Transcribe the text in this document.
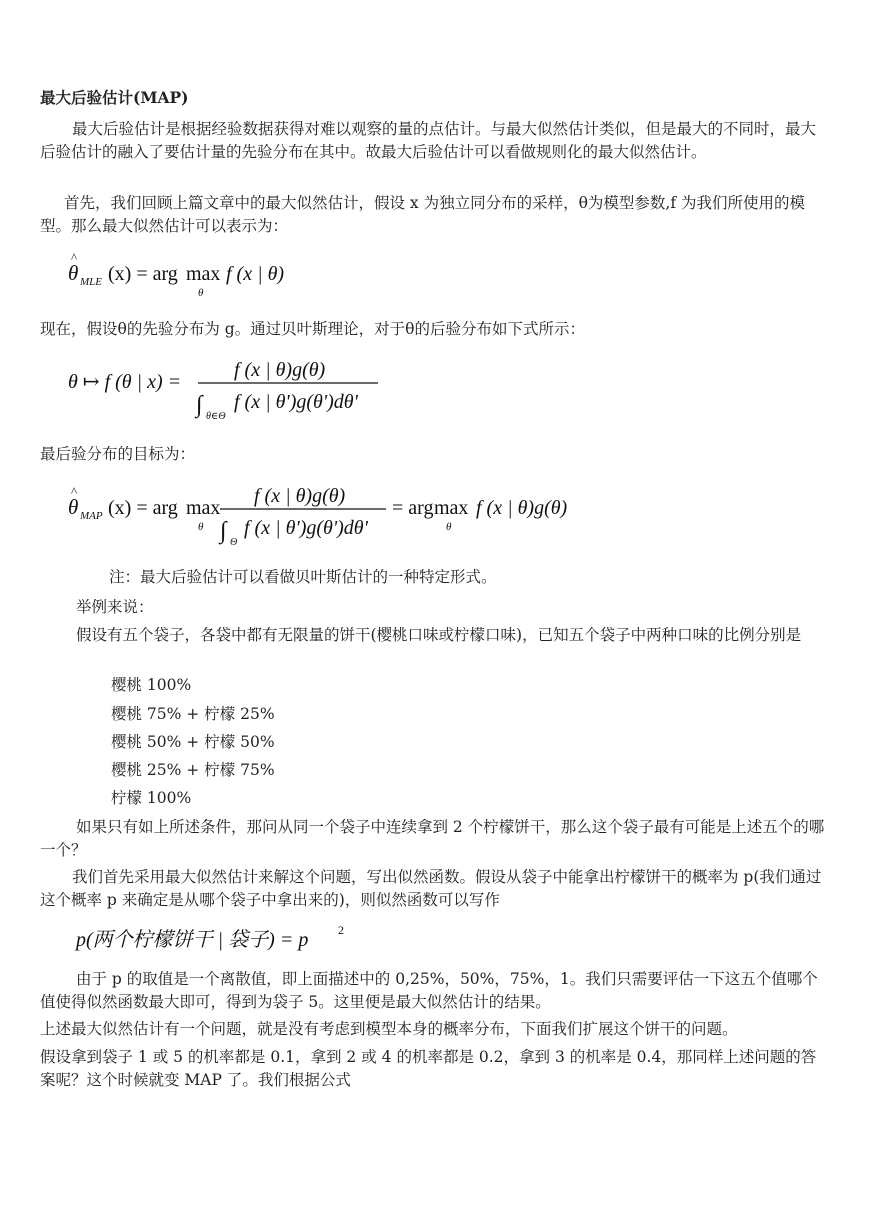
最大后验估计(MAP)

最大后验估计是根据经验数据获得对难以观察的量的点估计。与最大似然估计类似，但是最大的不同时，最大后验估计的融入了要估计量的先验分布在其中。故最大后验估计可以看做规则化的最大似然估计。

首先，我们回顾上篇文章中的最大似然估计，假设 x 为独立同分布的采样，θ为模型参数,f 为我们所使用的模型。那么最大似然估计可以表示为：

θ
^
MLE (x) = arg max
θ
f (x | θ)

现在，假设θ的先验分布为 g。通过贝叶斯理论，对于θ的后验分布如下式所示：

θ ↦ f (θ | x) =
f (x | θ)g(θ)
∫ θ∈Θ
f (x | θ')g(θ')dθ'

最后验分布的目标为：

θ
^
MAP (x) = arg max
θ
f (x | θ)g(θ)
∫ Θ
f (x | θ')g(θ')dθ'
= arg max
θ
f (x | θ)g(θ)

注：最大后验估计可以看做贝叶斯估计的一种特定形式。

举例来说：

假设有五个袋子，各袋中都有无限量的饼干(樱桃口味或柠檬口味)，已知五个袋子中两种口味的比例分别是

樱桃 100%

樱桃 75% + 柠檬 25%

樱桃 50% + 柠檬 50%

樱桃 25% + 柠檬 75%

柠檬 100%

如果只有如上所述条件，那问从同一个袋子中连续拿到 2 个柠檬饼干，那么这个袋子最有可能是上述五个的哪一个？

我们首先采用最大似然估计来解这个问题，写出似然函数。假设从袋子中能拿出柠檬饼干的概率为 p(我们通过这个概率 p 来确定是从哪个袋子中拿出来的)，则似然函数可以写作

p(两个柠檬饼干 | 袋子) = p 2

由于 p 的取值是一个离散值，即上面描述中的 0,25%，50%，75%，1。我们只需要评估一下这五个值哪个值使得似然函数最大即可，得到为袋子 5。这里便是最大似然估计的结果。

上述最大似然估计有一个问题，就是没有考虑到模型本身的概率分布，下面我们扩展这个饼干的问题。

假设拿到袋子 1 或 5 的机率都是 0.1，拿到 2 或 4 的机率都是 0.2，拿到 3 的机率是 0.4，那同样上述问题的答案呢？这个时候就变 MAP 了。我们根据公式
